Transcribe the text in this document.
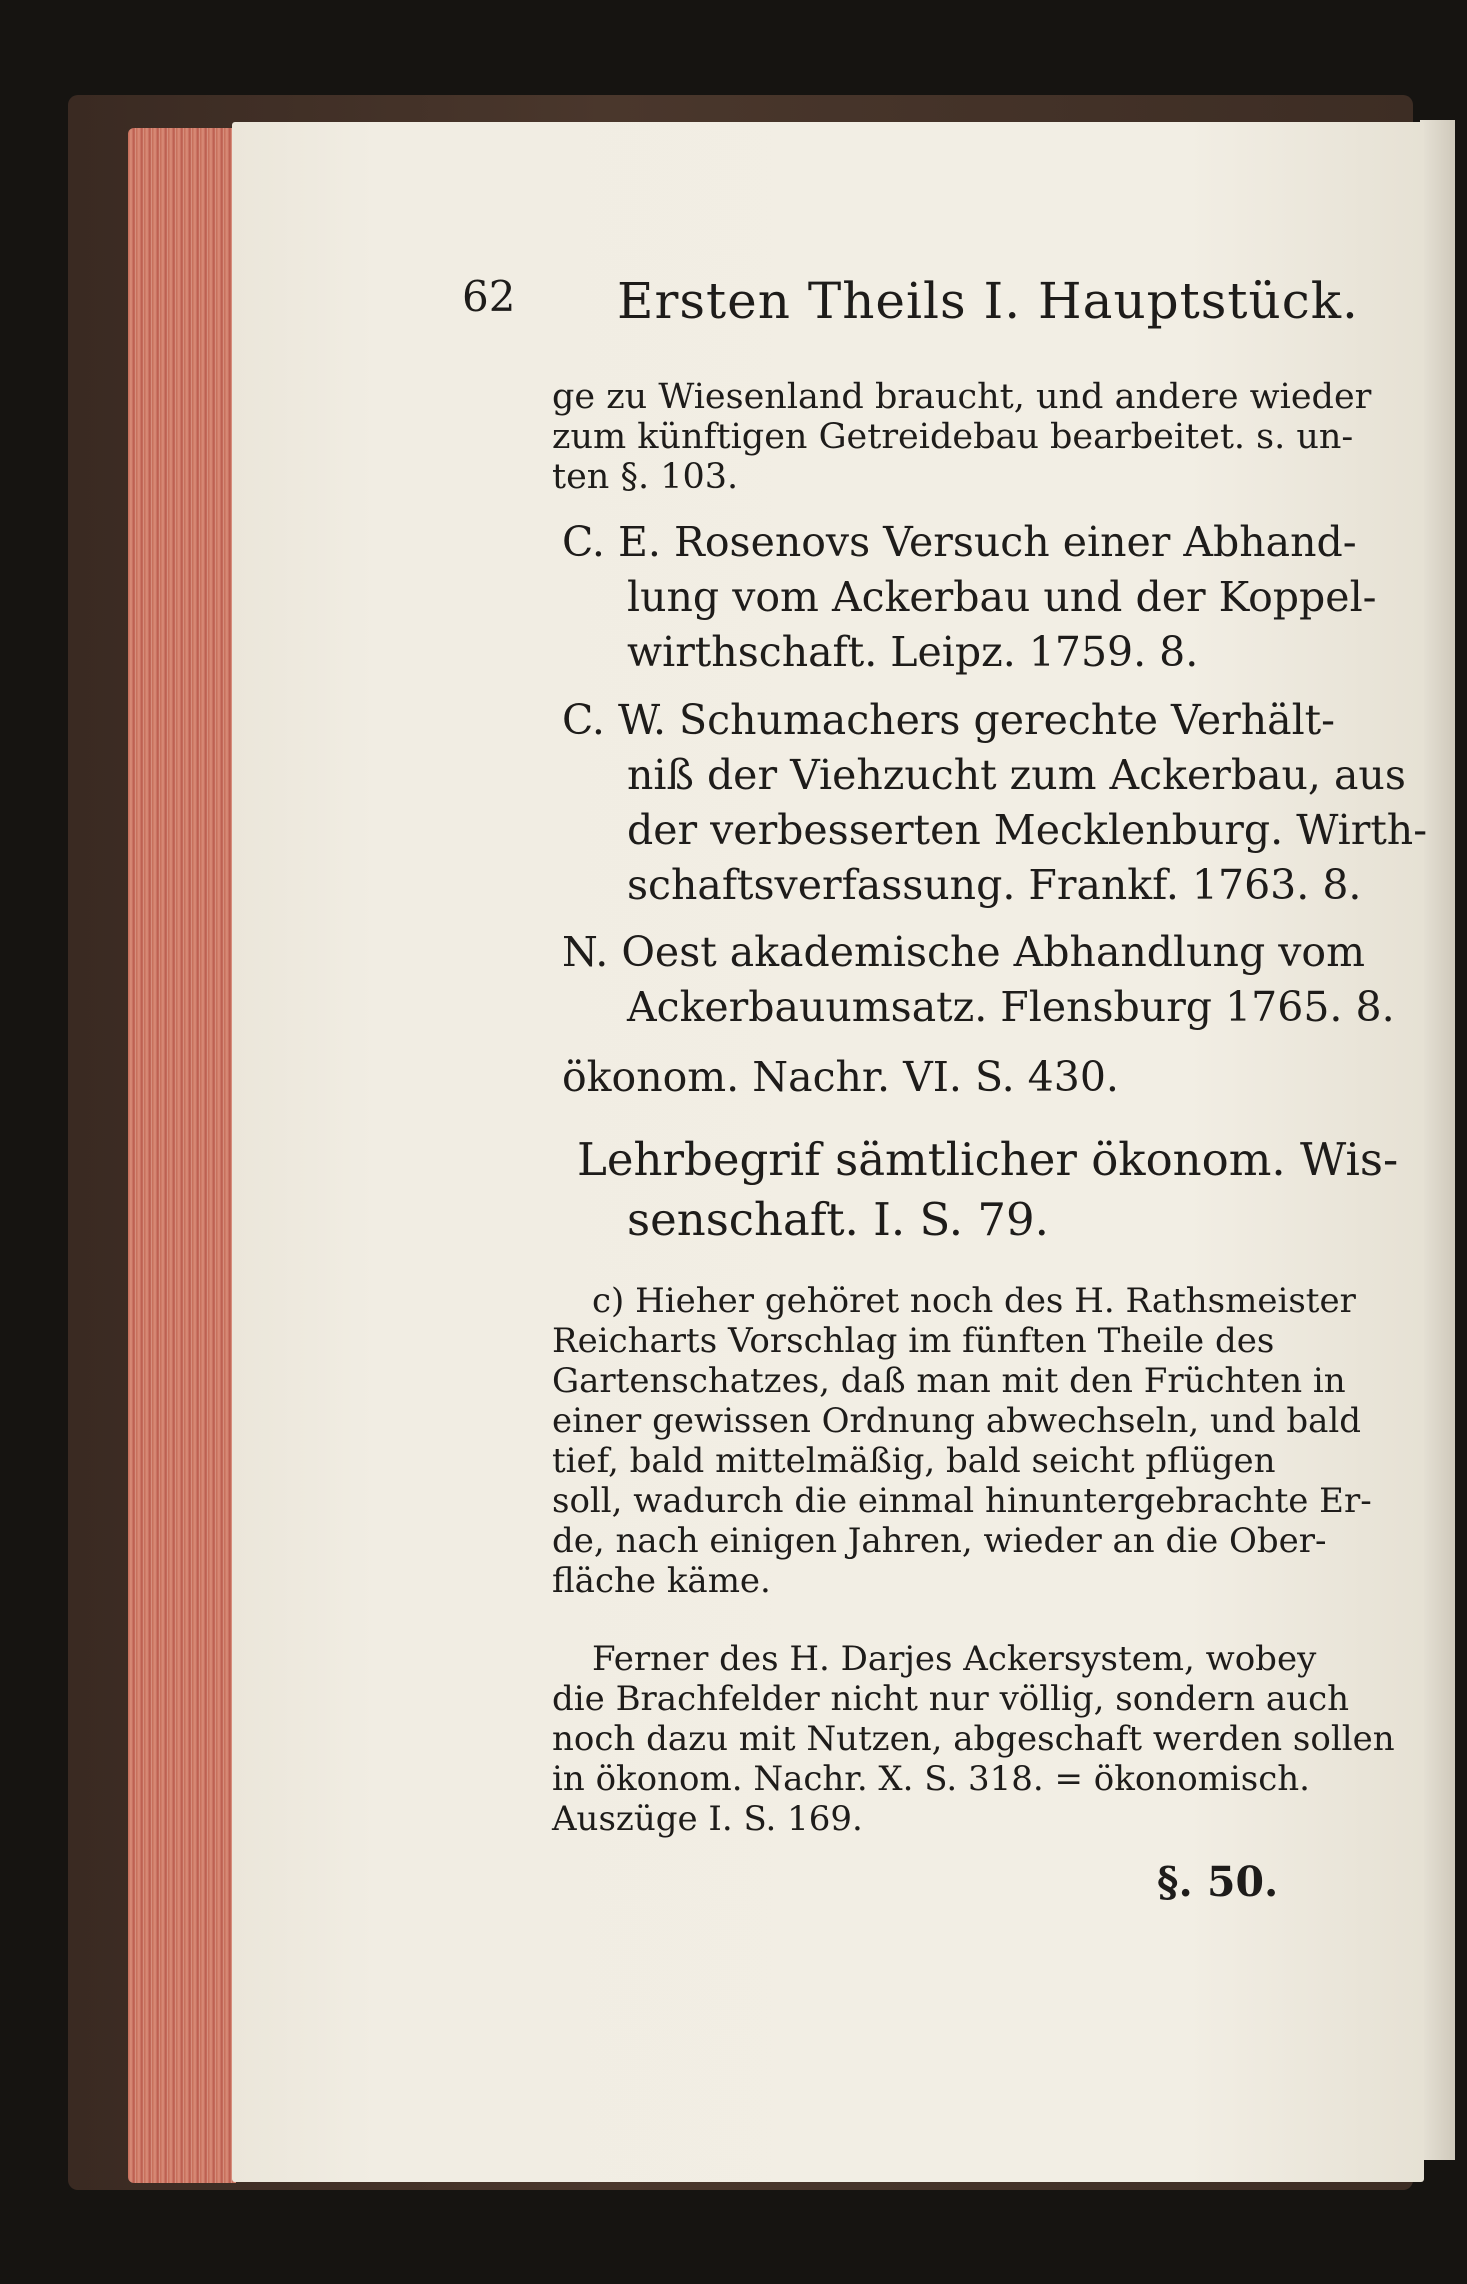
62 Ersten Theils I. Hauptstück.
ge zu Wiesenland braucht, und andere wieder
zum künftigen Getreidebau bearbeitet. s. un-
ten §. 103.
C. E. Rosenovs Versuch einer Abhand-
lung vom Ackerbau und der Koppel-
wirthschaft. Leipz. 1759. 8.
C. W. Schumachers gerechte Verhält-
niß der Viehzucht zum Ackerbau, aus
der verbesserten Mecklenburg. Wirth-
schaftsverfassung. Frankf. 1763. 8.
N. Oest akademische Abhandlung vom
Ackerbauumsatz. Flensburg 1765. 8.
ökonom. Nachr. VI. S. 430.
Lehrbegrif sämtlicher ökonom. Wis-
senschaft. I. S. 79.
c) Hieher gehöret noch des H. Rathsmeister
Reicharts Vorschlag im fünften Theile des
Gartenschatzes, daß man mit den Früchten in
einer gewissen Ordnung abwechseln, und bald
tief, bald mittelmäßig, bald seicht pflügen
soll, wadurch die einmal hinuntergebrachte Er-
de, nach einigen Jahren, wieder an die Ober-
fläche käme.
Ferner des H. Darjes Ackersystem, wobey
die Brachfelder nicht nur völlig, sondern auch
noch dazu mit Nutzen, abgeschaft werden sollen
in ökonom. Nachr. X. S. 318. = ökonomisch.
Auszüge I. S. 169.
§. 50.
